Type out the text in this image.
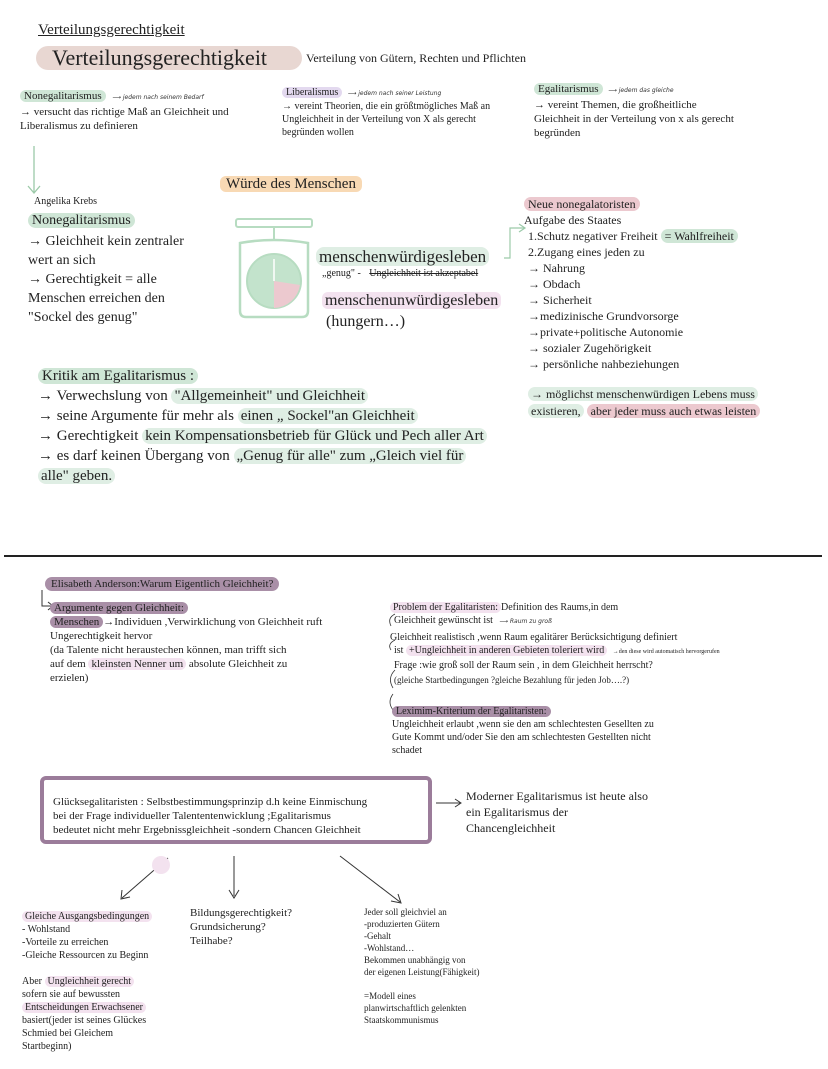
Verteilungsgerechtigkeit
Verteilungsgerechtigkeit	Verteilung von Gütern, Rechten und Pflichten
Nonegalitarismus ⟶ jedem nach seinem Bedarf
→ versucht das richtige Maß an Gleichheit und
Liberalismus zu definieren
Liberalismus ⟶ jedem nach seiner Leistung
→ vereint Theorien, die ein größtmögliches Maß an
Ungleichheit in der Verteilung von X als gerecht
begründen wollen
Egalitarismus ⟶ jedem das gleiche
→ vereint Themen, die großheitliche
Gleichheit in der Verteilung von x als gerecht
begründen
Angelika Krebs
Nonegalitarismus
→ Gleichheit kein zentraler
wert an sich
→ Gerechtigkeit = alle
Menschen erreichen den
"Sockel des genug"
Würde des Menschen
menschenwürdigesleben
„genug" - Ungleichheit ist akzeptabel
menschenunwürdigesleben
(hungern…)
Neue nonegalatoristen
Aufgabe des Staates
1.Schutz negativer Freiheit = Wahlfreiheit
2.Zugang eines jeden zu
→ Nahrung
→ Obdach
→ Sicherheit
→medizinische Grundvorsorge
→private+politische Autonomie
→ sozialer Zugehörigkeit
→ persönliche nahbeziehungen
→ möglichst menschenwürdigen Lebens muss
existieren, aber jeder muss auch etwas leisten
Kritik am Egalitarismus :
→ Verwechslung von "Allgemeinheit" und Gleichheit
→ seine Argumente für mehr als einen „ Sockel"an Gleichheit
→ Gerechtigkeit kein Kompensationsbetrieb für Glück und Pech aller Art
→ es darf keinen Übergang von „Genug für alle" zum „Gleich viel für
alle" geben.
Elisabeth Anderson:Warum Eigentlich Gleichheit?
Argumente gegen Gleichheit:
Menschen →Individuen ,Verwirklichung von Gleichheit ruft
Ungerechtigkeit hervor
(da Talente nicht heraustechen können, man trifft sich
auf dem kleinsten Nenner um absolute Gleichheit zu
erzielen)
Problem der Egalitaristen: Definition des Raums,in dem
Gleichheit gewünscht ist ⟶ Raum zu groß
Gleichheit realistisch ,wenn Raum egalitärer Berücksichtigung definiert
ist +Ungleichheit in anderen Gebieten toleriert wird →den diese wird automatisch hervorgerufen
Frage :wie groß soll der Raum sein , in dem Gleichheit herrscht?
(gleiche Startbedingungen ?gleiche Bezahlung für jeden Job….?)
Leximim-Kriterium der Egalitaristen:
Ungleichheit erlaubt ,wenn sie den am schlechtesten Gesellten zu
Gute Kommt und/oder Sie den am schlechtesten Gestellten nicht
schadet
Glücksegalitaristen : Selbstbestimmungsprinzip d.h keine Einmischung
bei der Frage individueller Talententenwicklung ;Egalitarismus
bedeutet nicht mehr Ergebnissgleichheit -sondern Chancen Gleichheit
Moderner Egalitarismus ist heute also
ein Egalitarismus der
Chancengleichheit
Gleiche Ausgangsbedingungen
- Wohlstand
-Vorteile zu erreichen
-Gleiche Ressourcen zu Beginn
Aber Ungleichheit gerecht
sofern sie auf bewussten
Entscheidungen Erwachsener
basiert(jeder ist seines Glückes
Schmied bei Gleichem
Startbeginn)
Bildungsgerechtigkeit?
Grundsicherung?
Teilhabe?
Jeder soll gleichviel an
-produzierten Gütern
-Gehalt
-Wohlstand…
Bekommen unabhängig von
der eigenen Leistung(Fähigkeit)
=Modell eines
planwirtschaftlich gelenkten
Staatskommunismus
